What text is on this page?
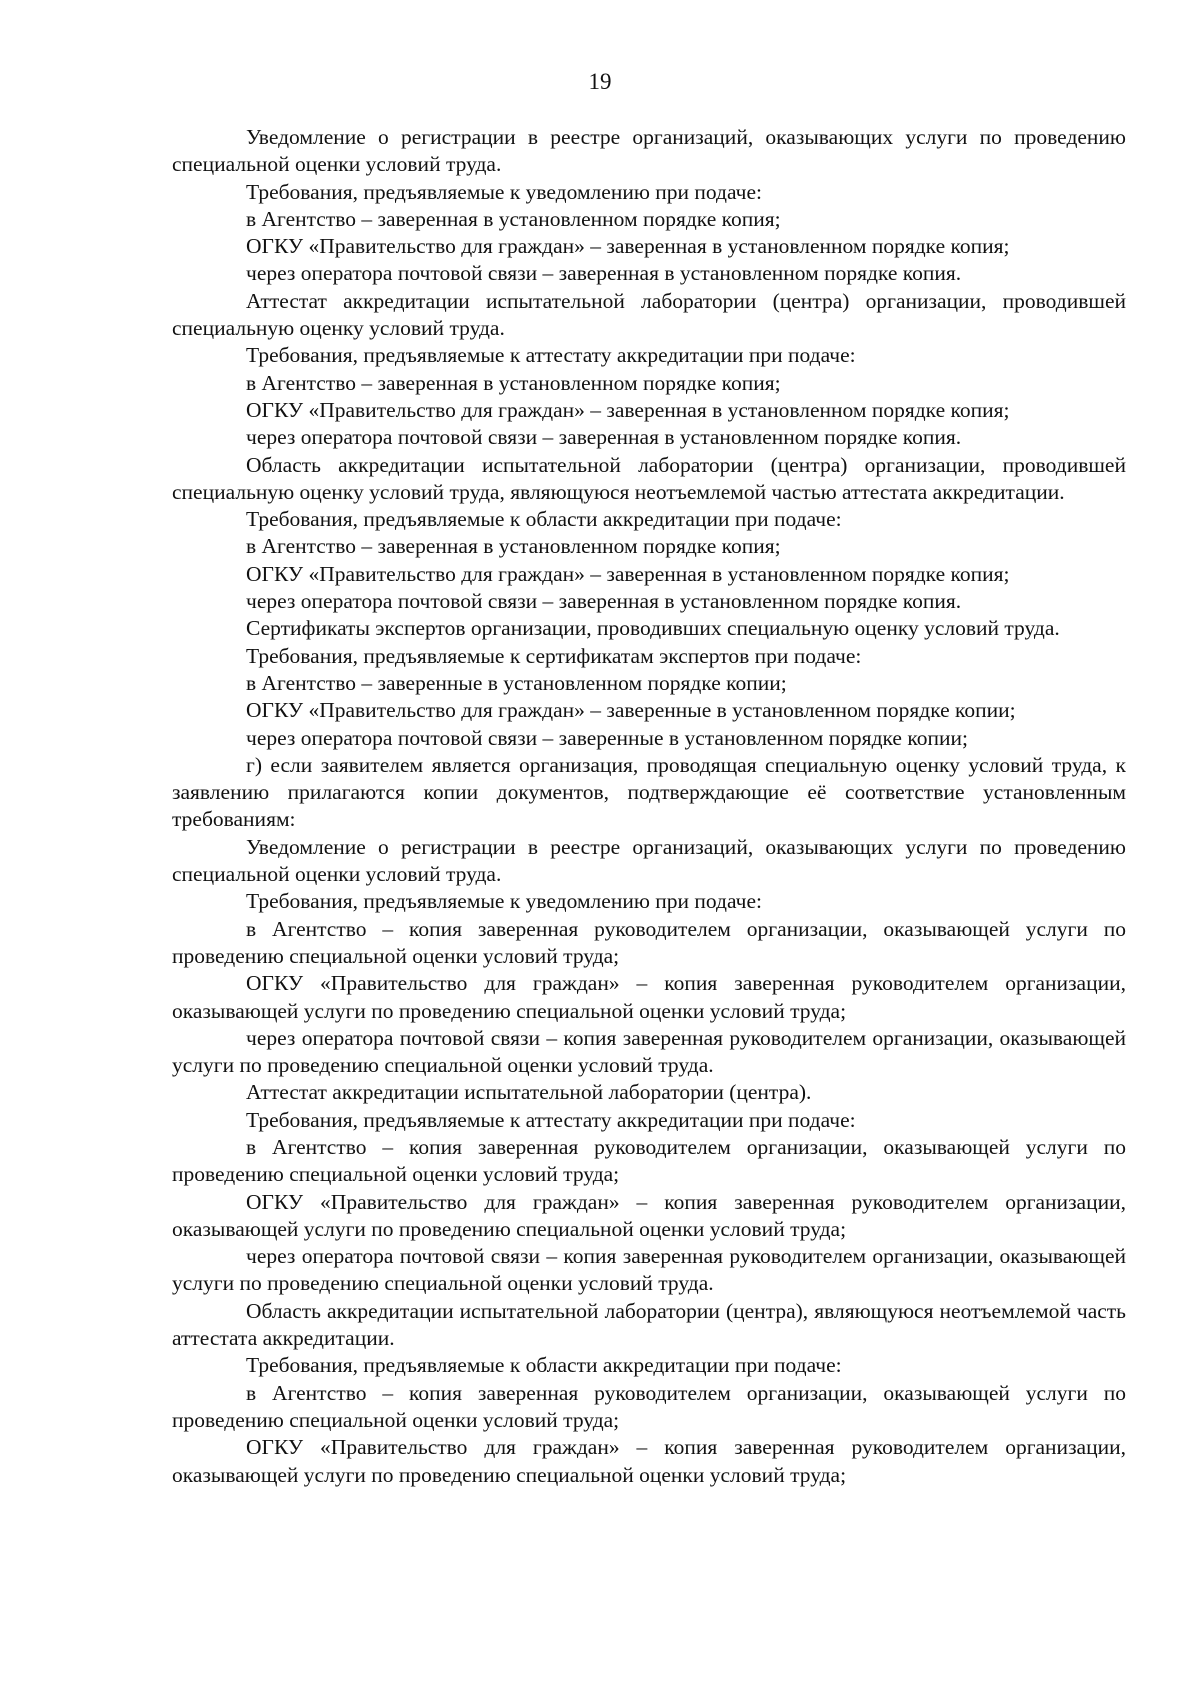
19

Уведомление о регистрации в реестре организаций, оказывающих услуги по проведению специальной оценки условий труда.

Требования, предъявляемые к уведомлению при подаче:

в Агентство – заверенная в установленном порядке копия;

ОГКУ «Правительство для граждан» – заверенная в установленном порядке копия;

через оператора почтовой связи – заверенная в установленном порядке копия.

Аттестат аккредитации испытательной лаборатории (центра) организации, проводившей специальную оценку условий труда.

Требования, предъявляемые к аттестату аккредитации при подаче:

в Агентство – заверенная в установленном порядке копия;

ОГКУ «Правительство для граждан» – заверенная в установленном порядке копия;

через оператора почтовой связи – заверенная в установленном порядке копия.

Область аккредитации испытательной лаборатории (центра) организации, проводившей специальную оценку условий труда, являющуюся неотъемлемой частью аттестата аккредитации.

Требования, предъявляемые к области аккредитации при подаче:

в Агентство – заверенная в установленном порядке копия;

ОГКУ «Правительство для граждан» – заверенная в установленном порядке копия;

через оператора почтовой связи – заверенная в установленном порядке копия.

Сертификаты экспертов организации, проводивших специальную оценку условий труда.

Требования, предъявляемые к сертификатам экспертов при подаче:

в Агентство – заверенные в установленном порядке копии;

ОГКУ «Правительство для граждан» – заверенные в установленном порядке копии;

через оператора почтовой связи – заверенные в установленном порядке копии;

г) если заявителем является организация, проводящая специальную оценку условий труда, к заявлению прилагаются копии документов, подтверждающие её соответствие установленным требованиям:

Уведомление о регистрации в реестре организаций, оказывающих услуги по проведению специальной оценки условий труда.

Требования, предъявляемые к уведомлению при подаче:

в Агентство – копия заверенная руководителем организации, оказывающей услуги по проведению специальной оценки условий труда;

ОГКУ «Правительство для граждан» – копия заверенная руководителем организации, оказывающей услуги по проведению специальной оценки условий труда;

через оператора почтовой связи – копия заверенная руководителем организации, оказывающей услуги по проведению специальной оценки условий труда.

Аттестат аккредитации испытательной лаборатории (центра).

Требования, предъявляемые к аттестату аккредитации при подаче:

в Агентство – копия заверенная руководителем организации, оказывающей услуги по проведению специальной оценки условий труда;

ОГКУ «Правительство для граждан» – копия заверенная руководителем организации, оказывающей услуги по проведению специальной оценки условий труда;

через оператора почтовой связи – копия заверенная руководителем организации, оказывающей услуги по проведению специальной оценки условий труда.

Область аккредитации испытательной лаборатории (центра), являющуюся неотъемлемой часть аттестата аккредитации.

Требования, предъявляемые к области аккредитации при подаче:

в Агентство – копия заверенная руководителем организации, оказывающей услуги по проведению специальной оценки условий труда;

ОГКУ «Правительство для граждан» – копия заверенная руководителем организации, оказывающей услуги по проведению специальной оценки условий труда;
